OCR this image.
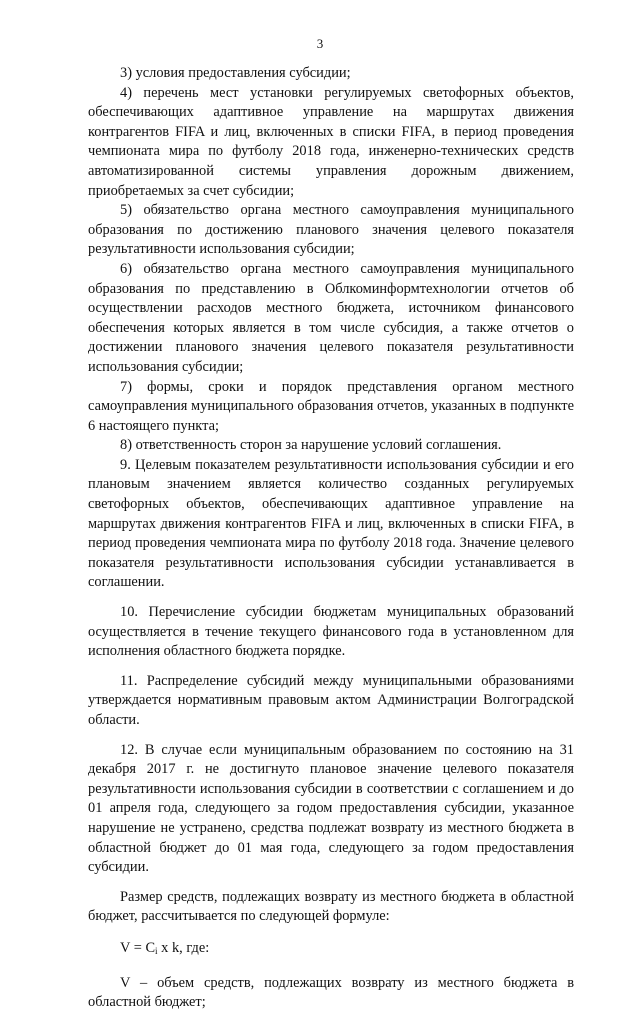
3

3) условия предоставления субсидии;

4) перечень мест установки регулируемых светофорных объектов, обеспечивающих адаптивное управление на маршрутах движения контрагентов FIFA и лиц, включенных в списки FIFA, в период проведения чемпионата мира по футболу 2018 года, инженерно-технических средств автоматизированной системы управления дорожным движением, приобретаемых за счет субсидии;

5) обязательство органа местного самоуправления муниципального образования по достижению планового значения целевого показателя результативности использования субсидии;

6) обязательство органа местного самоуправления муниципального образования по представлению в Облкоминформтехнологии отчетов об осуществлении расходов местного бюджета, источником финансового обеспечения которых является в том числе субсидия, а также отчетов о достижении планового значения целевого показателя результативности использования субсидии;

7) формы, сроки и порядок представления органом местного самоуправления муниципального образования отчетов, указанных в подпункте 6 настоящего пункта;

8) ответственность сторон за нарушение условий соглашения.

9. Целевым показателем результативности использования субсидии и его плановым значением является количество созданных регулируемых светофорных объектов, обеспечивающих адаптивное управление на маршрутах движения контрагентов FIFA и лиц, включенных в списки FIFA, в период проведения чемпионата мира по футболу 2018 года. Значение целевого показателя результативности использования субсидии устанавливается в соглашении.

10. Перечисление субсидии бюджетам муниципальных образований осуществляется в течение текущего финансового года в установленном для исполнения областного бюджета порядке.

11. Распределение субсидий между муниципальными образованиями утверждается нормативным правовым актом Администрации Волгоградской области.

12. В случае если муниципальным образованием по состоянию на 31 декабря 2017 г. не достигнуто плановое значение целевого показателя результативности использования субсидии в соответствии с соглашением и до 01 апреля года, следующего за годом предоставления субсидии, указанное нарушение не устранено, средства подлежат возврату из местного бюджета в областной бюджет до 01 мая года, следующего за годом предоставления субсидии.

Размер средств, подлежащих возврату из местного бюджета в областной бюджет, рассчитывается по следующей формуле:

$V = C_i$ x k, где:

V – объем средств, подлежащих возврату из местного бюджета в областной бюджет;
